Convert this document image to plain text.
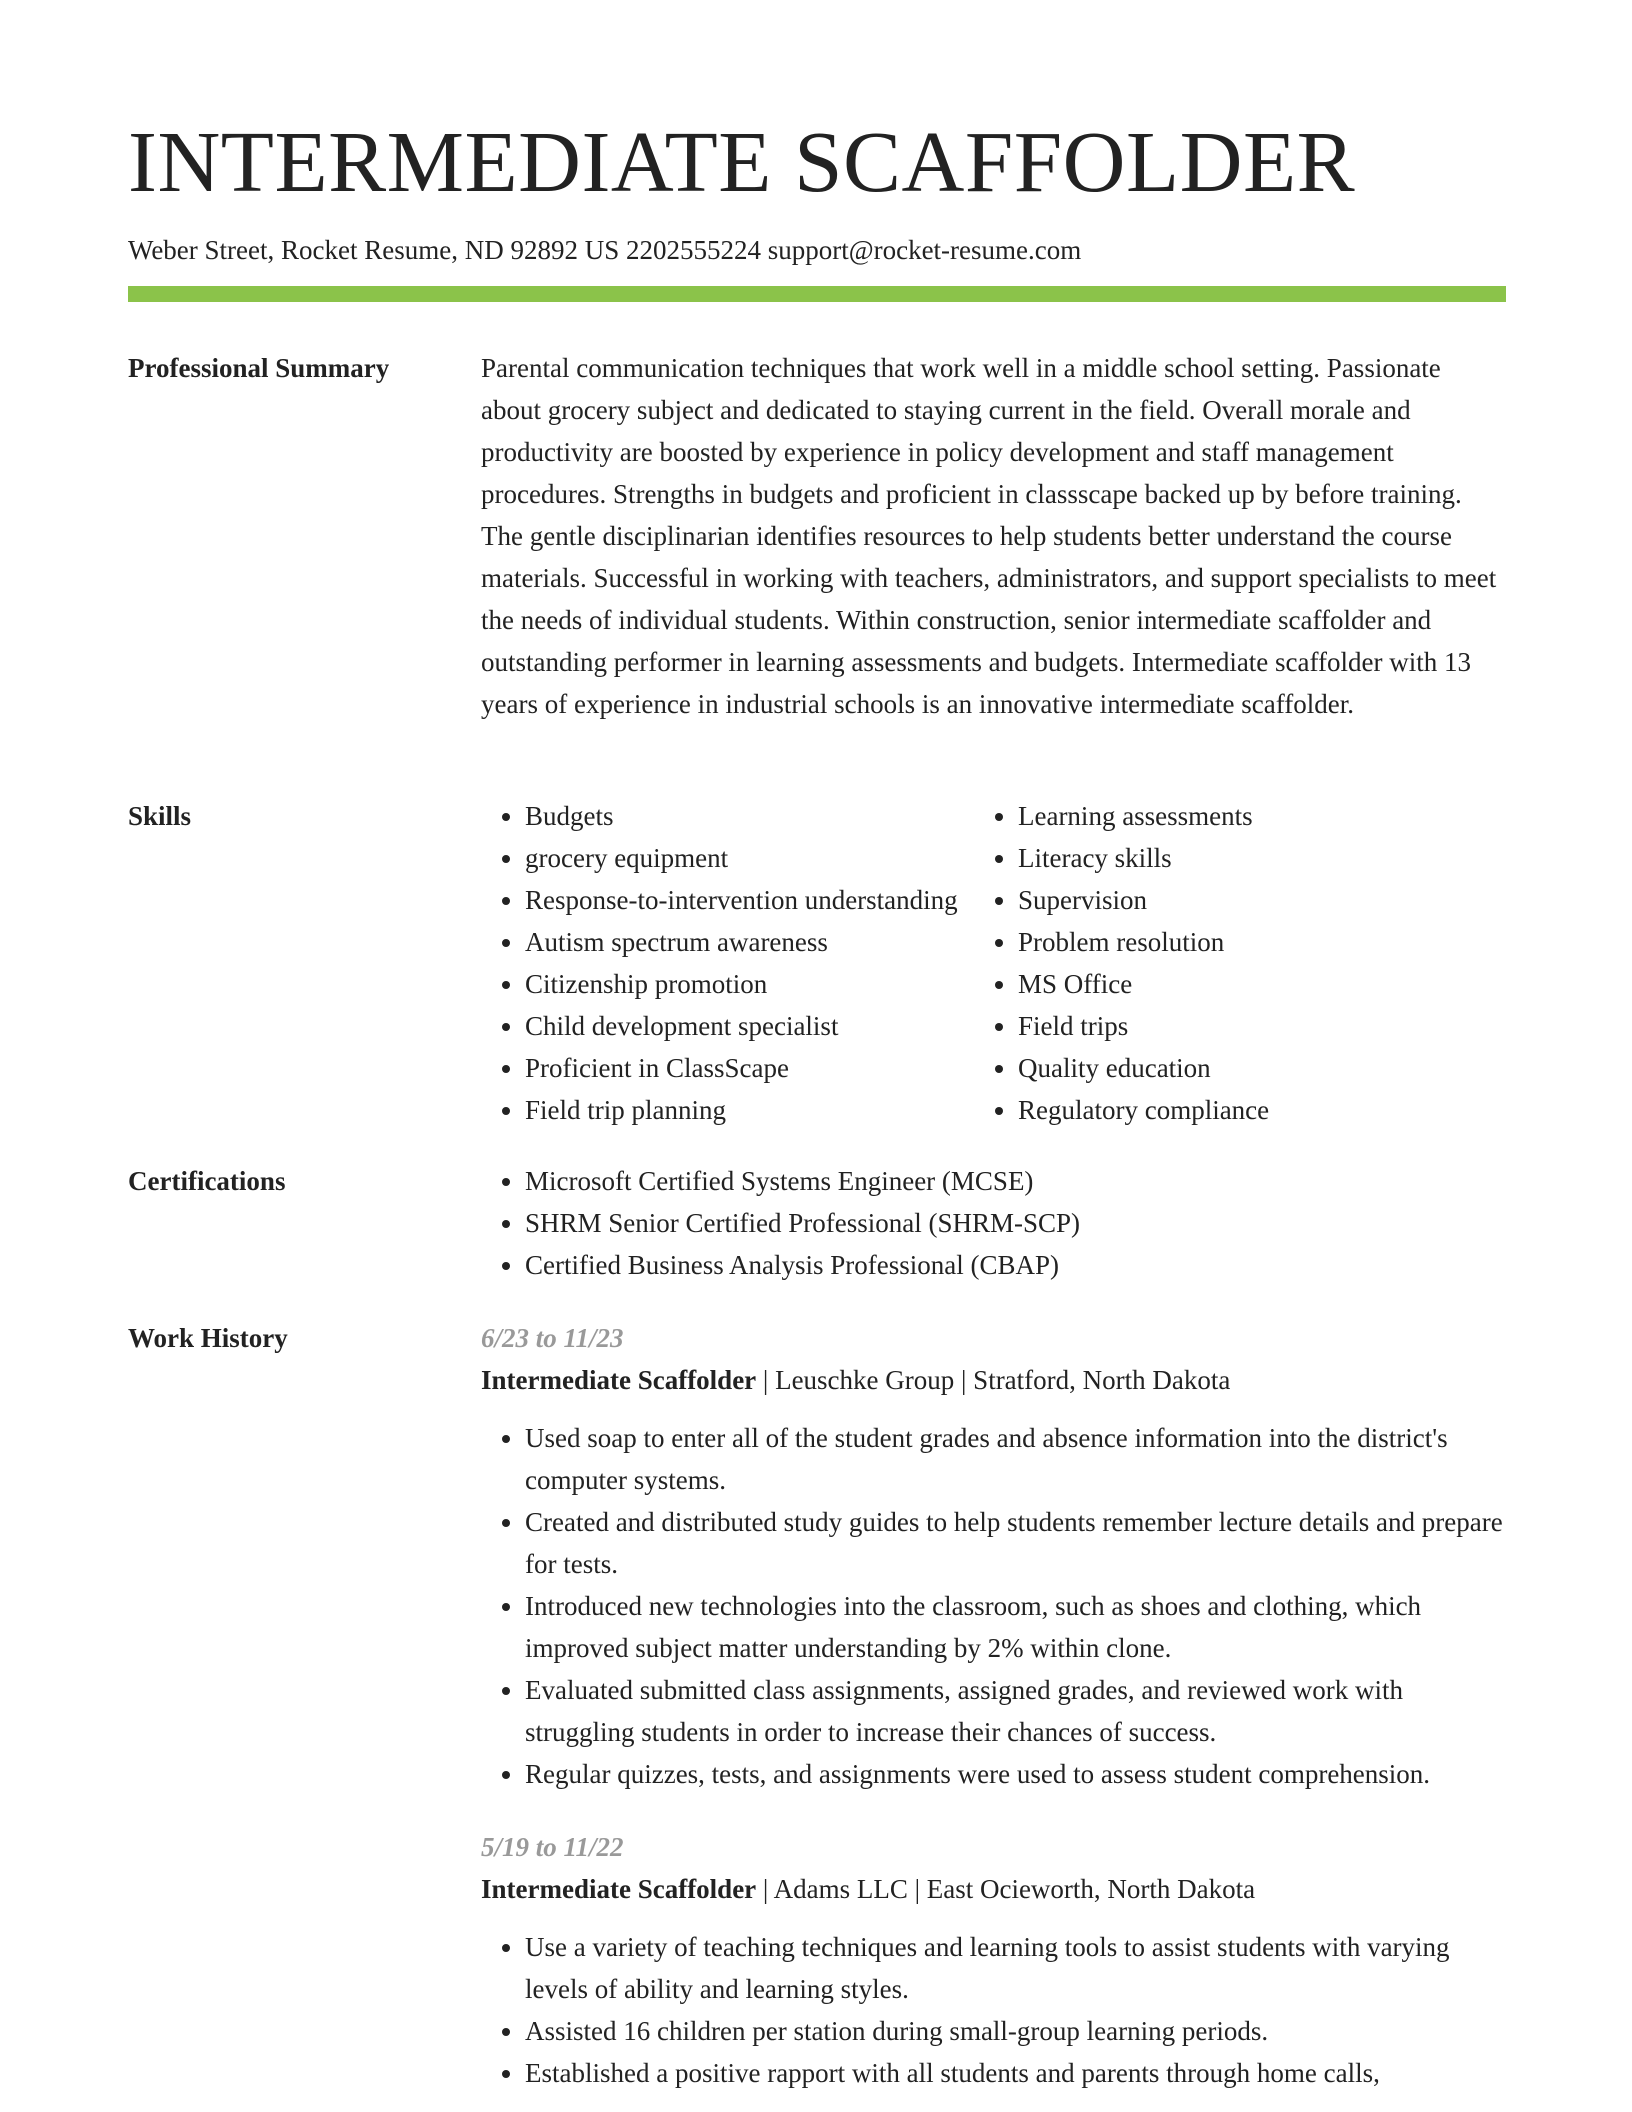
INTERMEDIATE SCAFFOLDER
Weber Street, Rocket Resume, ND 92892 US 2202555224 support@rocket-resume.com
Professional Summary	Parental communication techniques that work well in a middle school setting. Passionate about grocery subject and dedicated to staying current in the field. Overall morale and productivity are boosted by experience in policy development and staff management procedures. Strengths in budgets and proficient in classscape backed up by before training. The gentle disciplinarian identifies resources to help students better understand the course materials. Successful in working with teachers, administrators, and support specialists to meet the needs of individual students. Within construction, senior intermediate scaffolder and outstanding performer in learning assessments and budgets. Intermediate scaffolder with 13 years of experience in industrial schools is an innovative intermediate scaffolder.

Skills	• Budgets
• grocery equipment
• Response-to-intervention understanding
• Autism spectrum awareness
• Citizenship promotion
• Child development specialist
• Proficient in ClassScape
• Field trip planning
• Learning assessments
• Literacy skills
• Supervision
• Problem resolution
• MS Office
• Field trips
• Quality education
• Regulatory compliance
Certifications	• Microsoft Certified Systems Engineer (MCSE)
• SHRM Senior Certified Professional (SHRM-SCP)
• Certified Business Analysis Professional (CBAP)
Work History	6/23 to 11/23
Intermediate Scaffolder | Leuschke Group | Stratford, North Dakota
• Used soap to enter all of the student grades and absence information into the district's computer systems.
• Created and distributed study guides to help students remember lecture details and prepare for tests.
• Introduced new technologies into the classroom, such as shoes and clothing, which improved subject matter understanding by 2% within clone.
• Evaluated submitted class assignments, assigned grades, and reviewed work with struggling students in order to increase their chances of success.
• Regular quizzes, tests, and assignments were used to assess student comprehension.
5/19 to 11/22
Intermediate Scaffolder | Adams LLC | East Ocieworth, North Dakota
• Use a variety of teaching techniques and learning tools to assist students with varying levels of ability and learning styles.
• Assisted 16 children per station during small-group learning periods.
• Established a positive rapport with all students and parents through home calls,
